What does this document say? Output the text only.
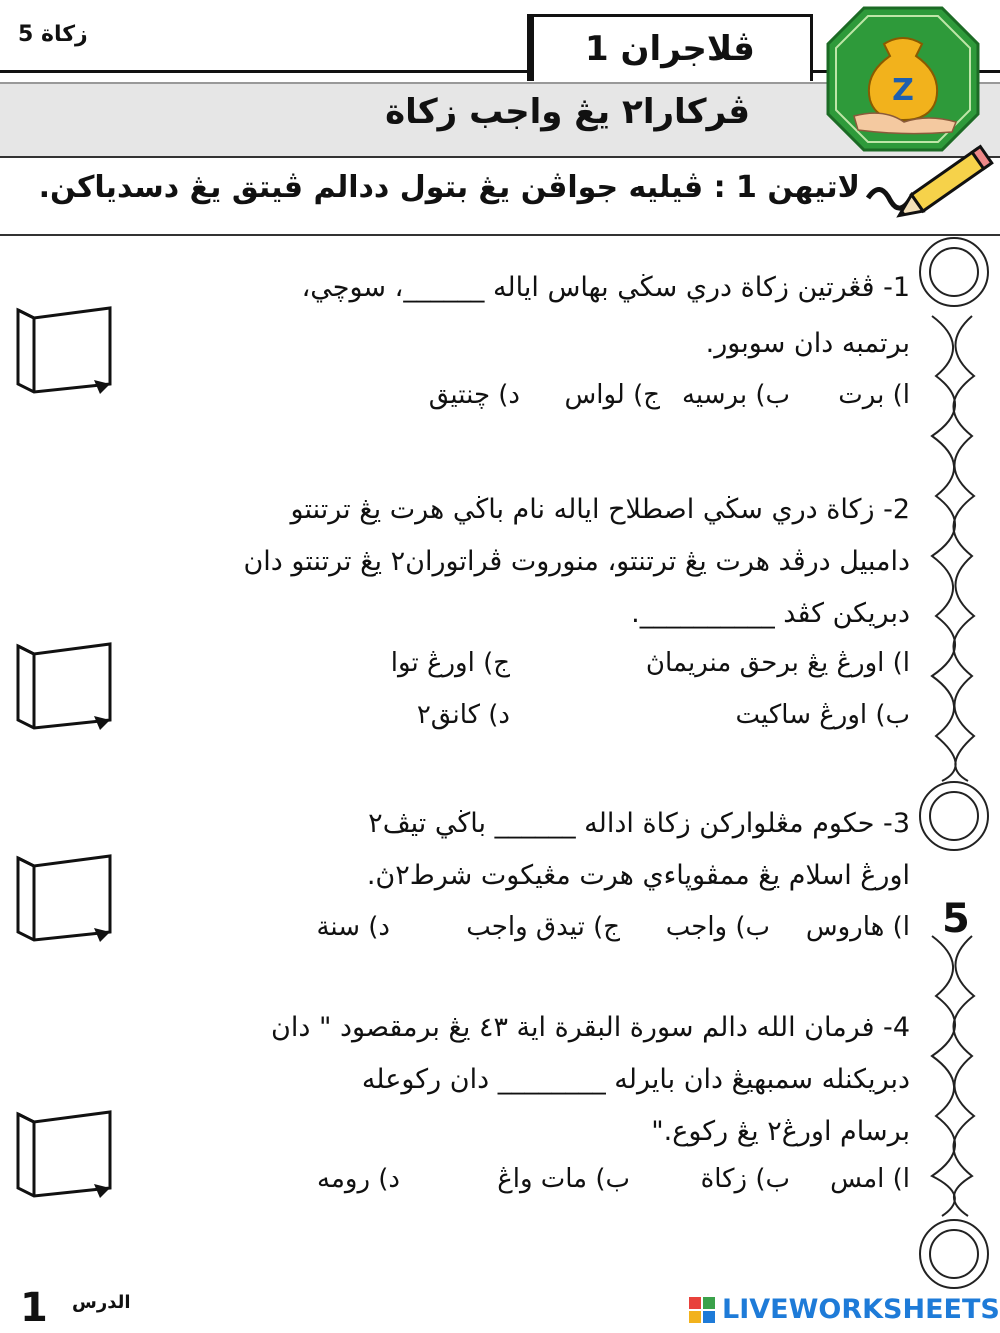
زكاة 5	ڤلاجران 1
ڤركارا٢ يڠ واجب زكاة
Z
لاتيهن 1 : ڤيليه جواڤن يڠ بتول ددالم ڤيتق يڠ دسدياكن.
5
1- ڤڠرتين زكاة دري سڬي بهاس اياله ______، سوچي،
برتمبه دان سوبور.
ا) برت
ب) برسيه
ج) لواس
د) چنتيق
2- زكاة دري سڬي اصطلاح اياله نام باڬي هرت يڠ ترتنتو
دامبيل درڤد هرت يڠ ترتنتو، منوروت ڤراتوران٢ يڠ ترتنتو دان
دبريكن كڤد __________.
ا) اورڠ يڠ برحق منريماڽ
ج) اورڠ توا
ب) اورڠ ساكيت
د) كانق٢
3- حكوم مڠلواركن زكاة اداله ______ باڬي تيڤ٢
اورڠ اسلام يڠ ممڤوڽاءي هرت مڠيكوت شرط٢ڽ.
ا) هاروس
ب) واجب
ج) تيدق واجب
د) سنة
4- فرمان الله دالم سورة البقرة اية ٤٣ يڠ برمقصود " دان
دبريكنله سمبهيڠ دان بايرله ________ دان ركوعله
برسام اورڠ٢ يڠ ركوع."
ا) امس
ب) زكاة
ب) مات واڠ
د) رومه
1 الدرس	LIVEWORKSHEETS
